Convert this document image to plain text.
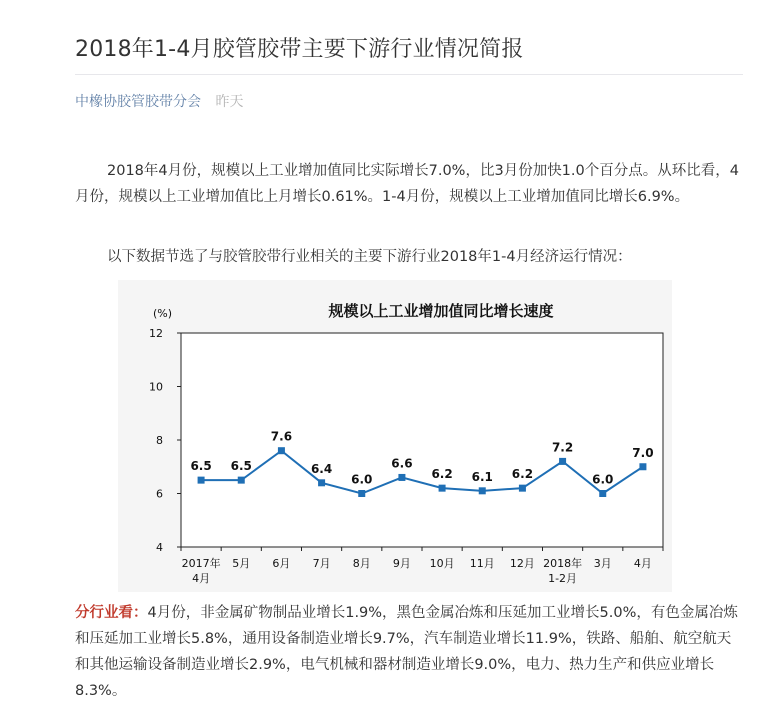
2018年1-4月胶管胶带主要下游行业情况简报
中橡协胶管胶带分会 昨天

2018年4月份，规模以上工业增加值同比实际增长7.0%，比3月份加快1.0个百分点。从环比看，4月份，规模以上工业增加值比上月增长0.61%。1-4月份，规模以上工业增加值同比增长6.9%。

以下数据节选了与胶管胶带行业相关的主要下游行业2018年1-4月经济运行情况：

规模以上工业增加值同比增长速度
(%)
4
6
8
10
12
2017年
4月
5月 6月 7月 8月 9月 10月 11月 12月 2018年
1-2月
3月 4月
6.5 6.5
7.6
6.4
6.0
6.6
6.2 6.1 6.2
7.2
6.0
7.0

分行业看：4月份，非金属矿物制品业增长1.9%，黑色金属冶炼和压延加工业增长5.0%，有色金属冶炼和压延加工业增长5.8%，通用设备制造业增长9.7%，汽车制造业增长11.9%，铁路、船舶、航空航天和其他运输设备制造业增长2.9%，电气机械和器材制造业增长9.0%，电力、热力生产和供应业增长8.3%。
